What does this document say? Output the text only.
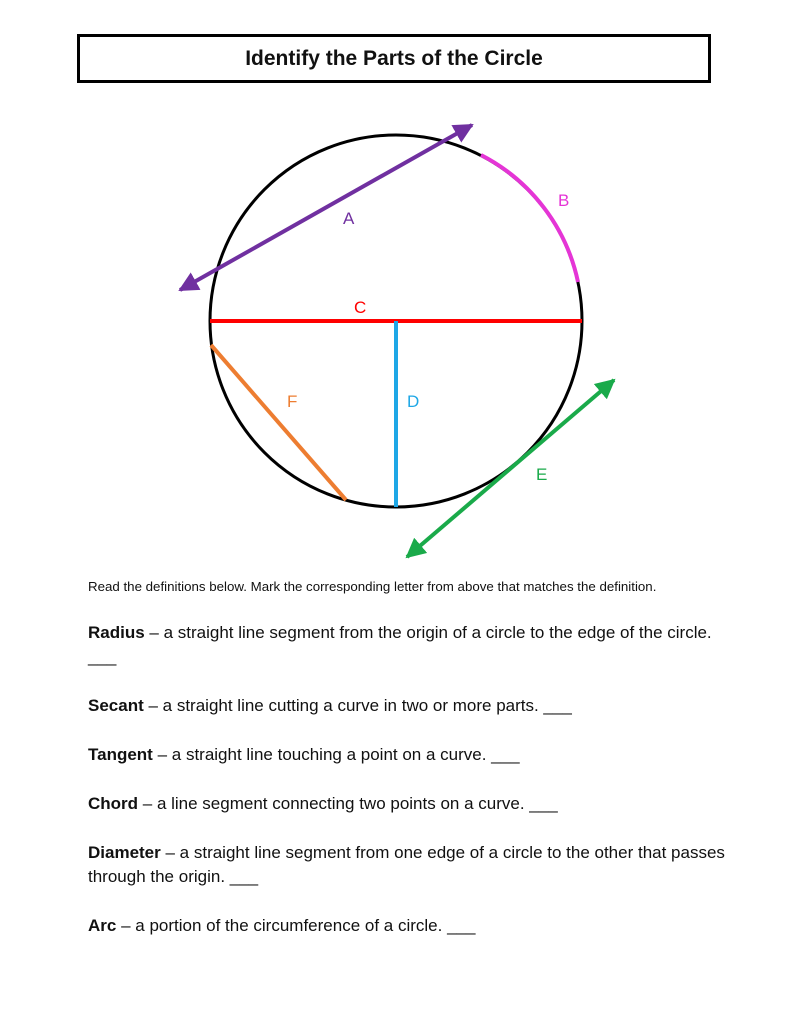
Identify the Parts of the Circle
A
B
C
D
E
F

Read the definitions below. Mark the corresponding letter from above that matches the definition.

Radius – a straight line segment from the origin of a circle to the edge of the circle. ___

Secant – a straight line cutting a curve in two or more parts. ___

Tangent – a straight line touching a point on a curve. ___

Chord – a line segment connecting two points on a curve. ___

Diameter – a straight line segment from one edge of a circle to the other that passes through the origin. ___

Arc – a portion of the circumference of a circle. ___
